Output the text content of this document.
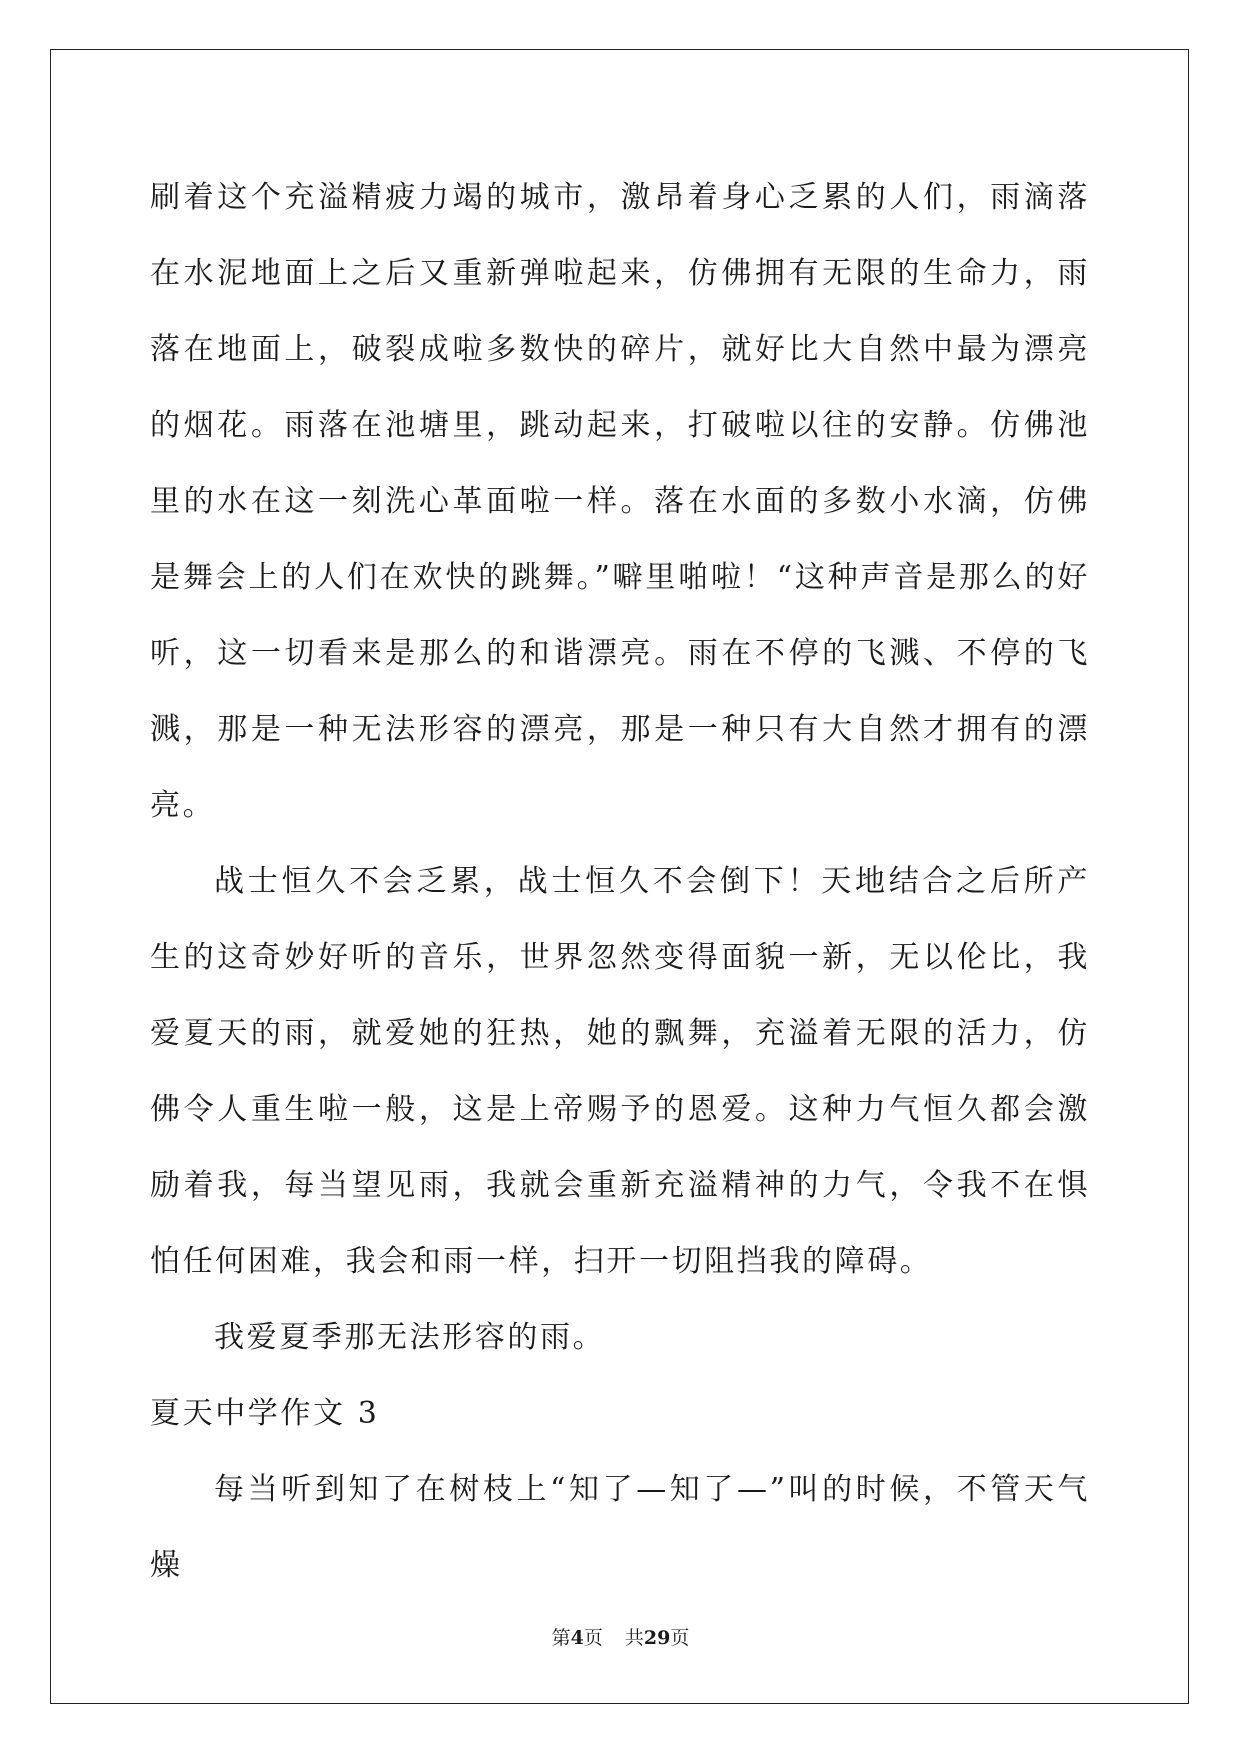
刷着这个充溢精疲力竭的城市，激昂着身心乏累的人们，雨滴落在水泥地面上之后又重新弹啦起来，仿佛拥有无限的生命力，雨落在地面上，破裂成啦多数快的碎片，就好比大自然中最为漂亮的烟花。雨落在池塘里，跳动起来，打破啦以往的安静。仿佛池里的水在这一刻洗心革面啦一样。落在水面的多数小水滴，仿佛是舞会上的人们在欢快的跳舞。”噼里啪啦！“这种声音是那么的好听，这一切看来是那么的和谐漂亮。雨在不停的飞溅、不停的飞溅，那是一种无法形容的漂亮，那是一种只有大自然才拥有的漂亮。

战士恒久不会乏累，战士恒久不会倒下！天地结合之后所产生的这奇妙好听的音乐，世界忽然变得面貌一新，无以伦比，我爱夏天的雨，就爱她的狂热，她的飘舞，充溢着无限的活力，仿佛令人重生啦一般，这是上帝赐予的恩爱。这种力气恒久都会激励着我，每当望见雨，我就会重新充溢精神的力气，令我不在惧怕任何困难，我会和雨一样，扫开一切阻挡我的障碍。

我爱夏季那无法形容的雨。

夏天中学作文 3

每当听到知了在树枝上“知了—知了—”叫的时候，不管天气燥

第4页 共29页
